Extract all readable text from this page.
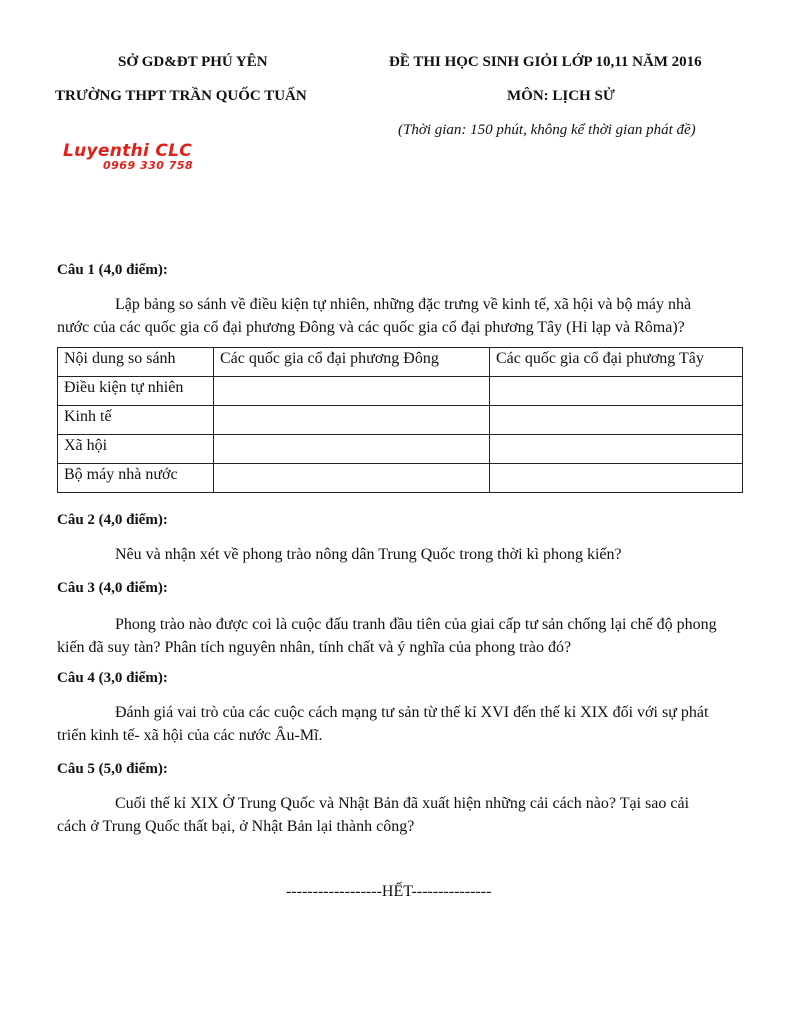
SỞ GD&ĐT PHÚ YÊN
TRƯỜNG THPT TRẦN QUỐC TUẤN
ĐỀ THI HỌC SINH GIỎI LỚP 10,11 NĂM 2016
MÔN: LỊCH SỬ
(Thời gian: 150 phút, không kể thời gian phát đề)
Luyenthi CLC
0969 330 758
Câu 1 (4,0 điểm):
Lập bảng so sánh về điều kiện tự nhiên, những đặc trưng về kinh tế, xã hội và bộ máy nhà
nước của các quốc gia cổ đại phương Đông và các quốc gia cổ đại phương Tây (Hi lạp và Rôma)?
Nội dung so sánh	Các quốc gia cổ đại phương Đông	Các quốc gia cổ đại phương Tây
Điều kiện tự nhiên		
Kinh tế		
Xã hội		
Bộ máy nhà nước		
Câu 2 (4,0 điểm):
Nêu và nhận xét về phong trào nông dân Trung Quốc trong thời kì phong kiến?
Câu 3 (4,0 điểm):
Phong trào nào được coi là cuộc đấu tranh đầu tiên của giai cấp tư sản chống lại chế độ phong
kiến đã suy tàn? Phân tích nguyên nhân, tính chất và ý nghĩa của phong trào đó?
Câu 4 (3,0 điểm):
Đánh giá vai trò của các cuộc cách mạng tư sản từ thế kỉ XVI đến thế kỉ XIX đối với sự phát
triển kinh tế- xã hội của các nước Âu-Mĩ.
Câu 5 (5,0 điểm):
Cuối thế kỉ XIX Ở Trung Quốc và Nhật Bản đã xuất hiện những cải cách nào? Tại sao cải
cách ở Trung Quốc thất bại, ở Nhật Bản lại thành công?
------------------HẾT---------------
